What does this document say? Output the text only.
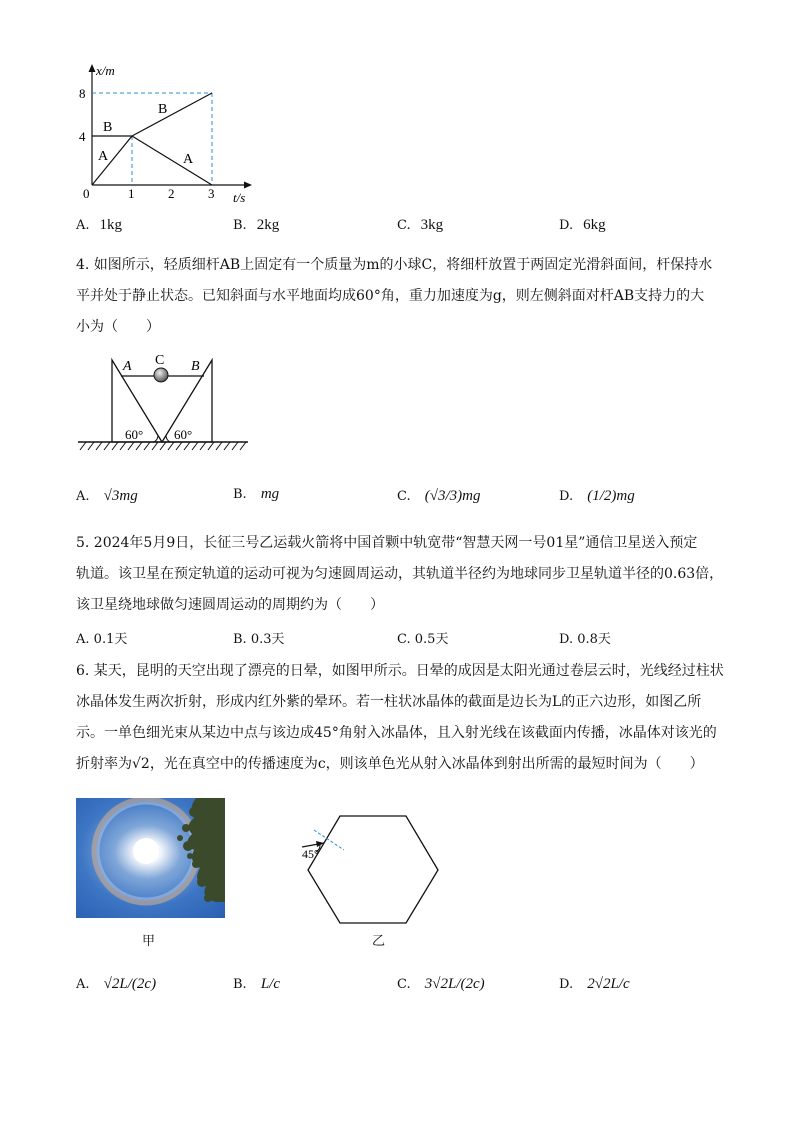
x/m
t/s
8
4
0	1	2	3
A
B
B
A
A. 1kg	B. 2kg	C. 3kg	D. 6kg
4. 如图所示，轻质细杆AB上固定有一个质量为m的小球C，将细杆放置于两固定光滑斜面间，杆保持水
平并处于静止状态。已知斜面与水平地面均成60°角，重力加速度为g，则左侧斜面对杆AB支持力的大
小为（　　）
A	B
C
60° 60°
A. √3mg	B. mg	C. (√3/3)mg	D. (1/2)mg
5. 2024年5月9日，长征三号乙运载火箭将中国首颗中轨宽带“智慧天网一号01星”通信卫星送入预定
轨道。该卫星在预定轨道的运动可视为匀速圆周运动，其轨道半径约为地球同步卫星轨道半径的0.63倍，
该卫星绕地球做匀速圆周运动的周期约为（　　）
A. 0.1天	B. 0.3天	C. 0.5天	D. 0.8天
6. 某天，昆明的天空出现了漂亮的日晕，如图甲所示。日晕的成因是太阳光通过卷层云时，光线经过柱状
冰晶体发生两次折射，形成内红外紫的晕环。若一柱状冰晶体的截面是边长为L的正六边形，如图乙所
示。一单色细光束从某边中点与该边成45°角射入冰晶体，且入射光线在该截面内传播，冰晶体对该光的
折射率为√2，光在真空中的传播速度为c，则该单色光从射入冰晶体到射出所需的最短时间为（　　）
甲
45°
乙
A. √2L/(2c)	B. L/c	C. 3√2L/(2c)	D. 2√2L/c
